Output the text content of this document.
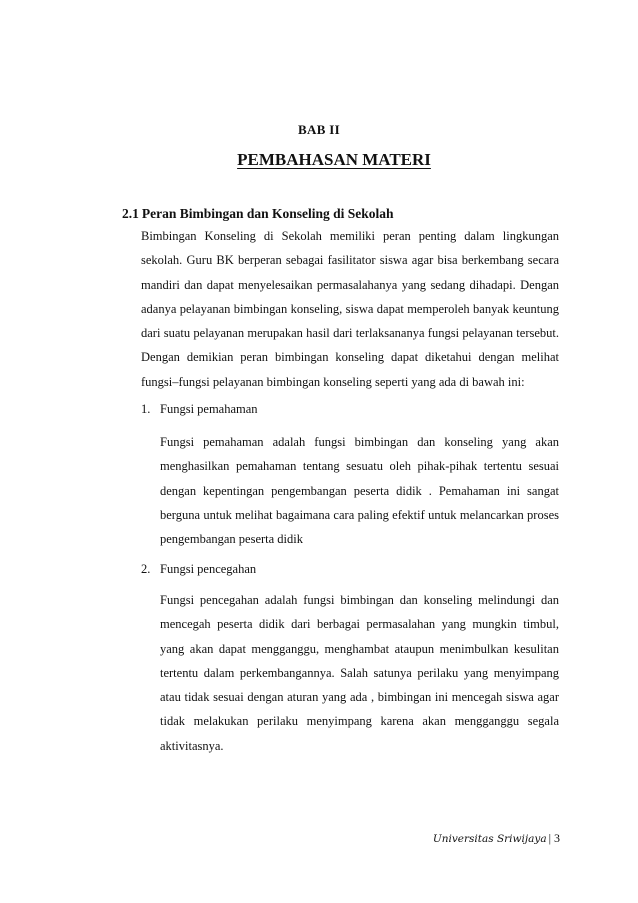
BAB II
PEMBAHASAN MATERI
2.1 Peran Bimbingan dan Konseling di Sekolah

Bimbingan Konseling di Sekolah memiliki peran penting dalam lingkungan sekolah. Guru BK berperan sebagai fasilitator siswa agar bisa berkembang secara mandiri dan dapat menyelesaikan permasalahanya yang sedang dihadapi. Dengan adanya pelayanan bimbingan konseling, siswa dapat memperoleh banyak keuntung dari suatu pelayanan merupakan hasil dari terlaksananya fungsi pelayanan tersebut. Dengan demikian peran bimbingan konseling dapat diketahui dengan melihat fungsi–fungsi pelayanan bimbingan konseling seperti yang ada di bawah ini:

1. Fungsi pemahaman

Fungsi pemahaman adalah fungsi bimbingan dan konseling yang akan menghasilkan pemahaman tentang sesuatu oleh pihak-pihak tertentu sesuai dengan kepentingan pengembangan peserta didik . Pemahaman ini sangat berguna untuk melihat bagaimana cara paling efektif untuk melancarkan proses pengembangan peserta didik

2. Fungsi pencegahan

Fungsi pencegahan adalah fungsi bimbingan dan konseling melindungi dan mencegah peserta didik dari berbagai permasalahan yang mungkin timbul, yang akan dapat mengganggu, menghambat ataupun menimbulkan kesulitan tertentu dalam perkembangannya. Salah satunya perilaku yang menyimpang atau tidak sesuai dengan aturan yang ada , bimbingan ini mencegah siswa agar tidak melakukan perilaku menyimpang karena akan mengganggu segala aktivitasnya.

Universitas Sriwijaya | 3
